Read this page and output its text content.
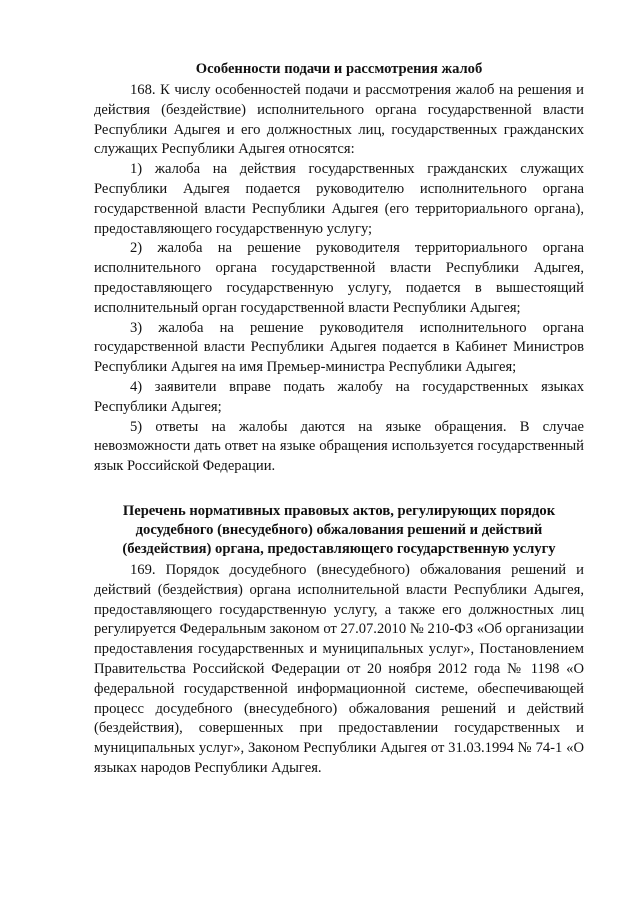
Особенности подачи и рассмотрения жалоб

168. К числу особенностей подачи и рассмотрения жалоб на решения и действия (бездействие) исполнительного органа государственной власти Республики Адыгея и его должностных лиц, государственных гражданских служащих Республики Адыгея относятся:

1) жалоба на действия государственных гражданских служащих Республики Адыгея подается руководителю исполнительного органа государственной власти Республики Адыгея (его территориального органа), предоставляющего государственную услугу;

2) жалоба на решение руководителя территориального органа исполнительного органа государственной власти Республики Адыгея, предоставляющего государственную услугу, подается в вышестоящий исполнительный орган государственной власти Республики Адыгея;

3) жалоба на решение руководителя исполнительного органа государственной власти Республики Адыгея подается в Кабинет Министров Республики Адыгея на имя Премьер-министра Республики Адыгея;

4) заявители вправе подать жалобу на государственных языках Республики Адыгея;

5) ответы на жалобы даются на языке обращения. В случае невозможности дать ответ на языке обращения используется государственный язык Российской Федерации.

Перечень нормативных правовых актов, регулирующих порядок досудебного (внесудебного) обжалования решений и действий (бездействия) органа, предоставляющего государственную услугу

169. Порядок досудебного (внесудебного) обжалования решений и действий (бездействия) органа исполнительной власти Республики Адыгея, предоставляющего государственную услугу, а также его должностных лиц регулируется Федеральным законом от 27.07.2010 № 210-ФЗ «Об организации предоставления государственных и муниципальных услуг», Постановлением Правительства Российской Федерации от 20 ноября 2012 года № 1198 «О федеральной государственной информационной системе, обеспечивающей процесс досудебного (внесудебного) обжалования решений и действий (бездействия), совершенных при предоставлении государственных и муниципальных услуг», Законом Республики Адыгея от 31.03.1994 № 74-1 «О языках народов Республики Адыгея.
